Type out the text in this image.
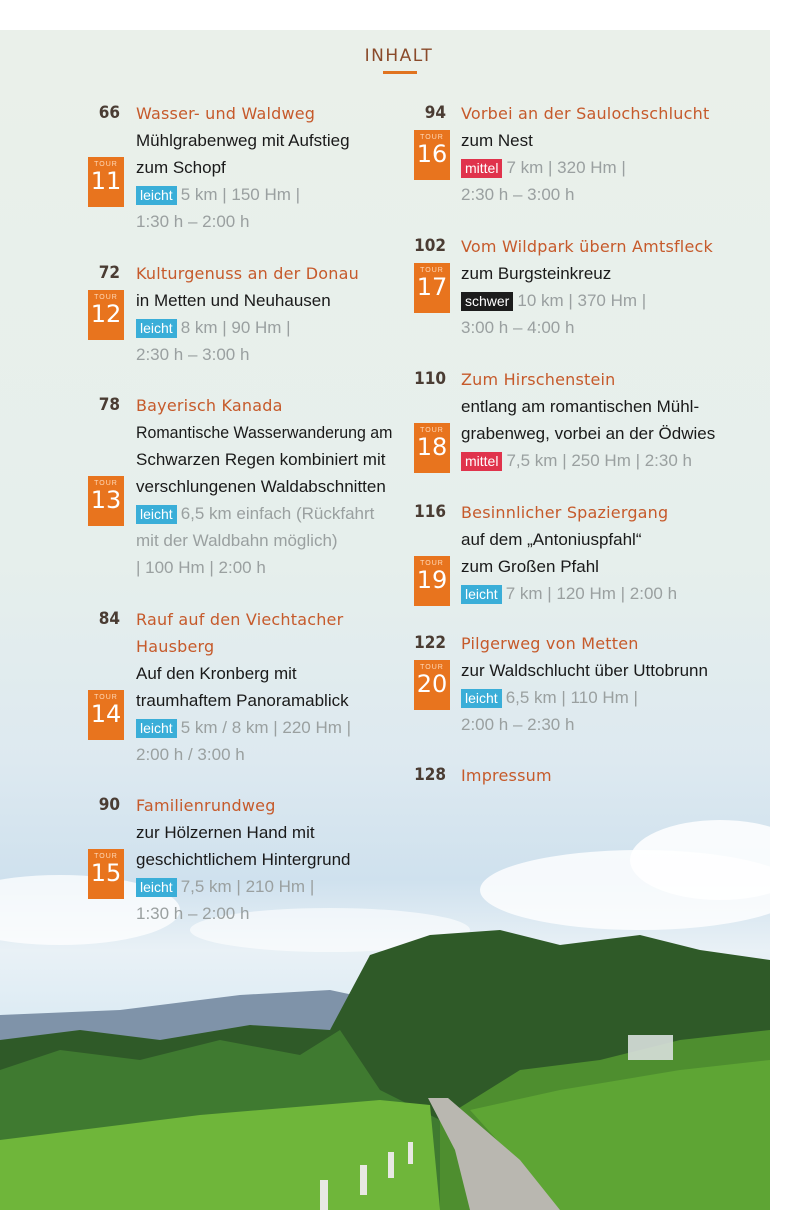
INHALT
66 Wasser- und Waldweg
Mühlgrabenweg mit Aufstieg
zum Schopf
TOUR
11 leicht 5 km | 150 Hm |
1:30 h – 2:00 h
72 Kulturgenuss an der Donau
in Metten und Neuhausen
TOUR
12 leicht 8 km | 90 Hm |
2:30 h – 3:00 h
78 Bayerisch Kanada
Romantische Wasserwanderung am
Schwarzen Regen kombiniert mit
verschlungenen Waldabschnitten
TOUR
13 leicht 6,5 km einfach (Rückfahrt
mit der Waldbahn möglich)
| 100 Hm | 2:00 h
84 Rauf auf den Viechtacher
Hausberg
Auf den Kronberg mit
traumhaftem Panoramablick
TOUR
14 leicht 5 km / 8 km | 220 Hm |
2:00 h / 3:00 h
90 Familienrundweg
zur Hölzernen Hand mit
geschichtlichem Hintergrund
TOUR
15 leicht 7,5 km | 210 Hm |
1:30 h – 2:00 h
94 Vorbei an der Saulochschlucht
zum Nest
TOUR
16 mittel 7 km | 320 Hm |
2:30 h – 3:00 h
102 Vom Wildpark übern Amtsfleck
zum Burgsteinkreuz
TOUR
17 schwer 10 km | 370 Hm |
3:00 h – 4:00 h
110 Zum Hirschenstein
entlang am romantischen Mühl-
grabenweg, vorbei an der Ödwies
TOUR
18 mittel 7,5 km | 250 Hm | 2:30 h
116 Besinnlicher Spaziergang
auf dem „Antoniuspfahl“
zum Großen Pfahl
TOUR
19 leicht 7 km | 120 Hm | 2:00 h
122 Pilgerweg von Metten
zur Waldschlucht über Uttobrunn
TOUR
20 leicht 6,5 km | 110 Hm |
2:00 h – 2:30 h
128 Impressum
